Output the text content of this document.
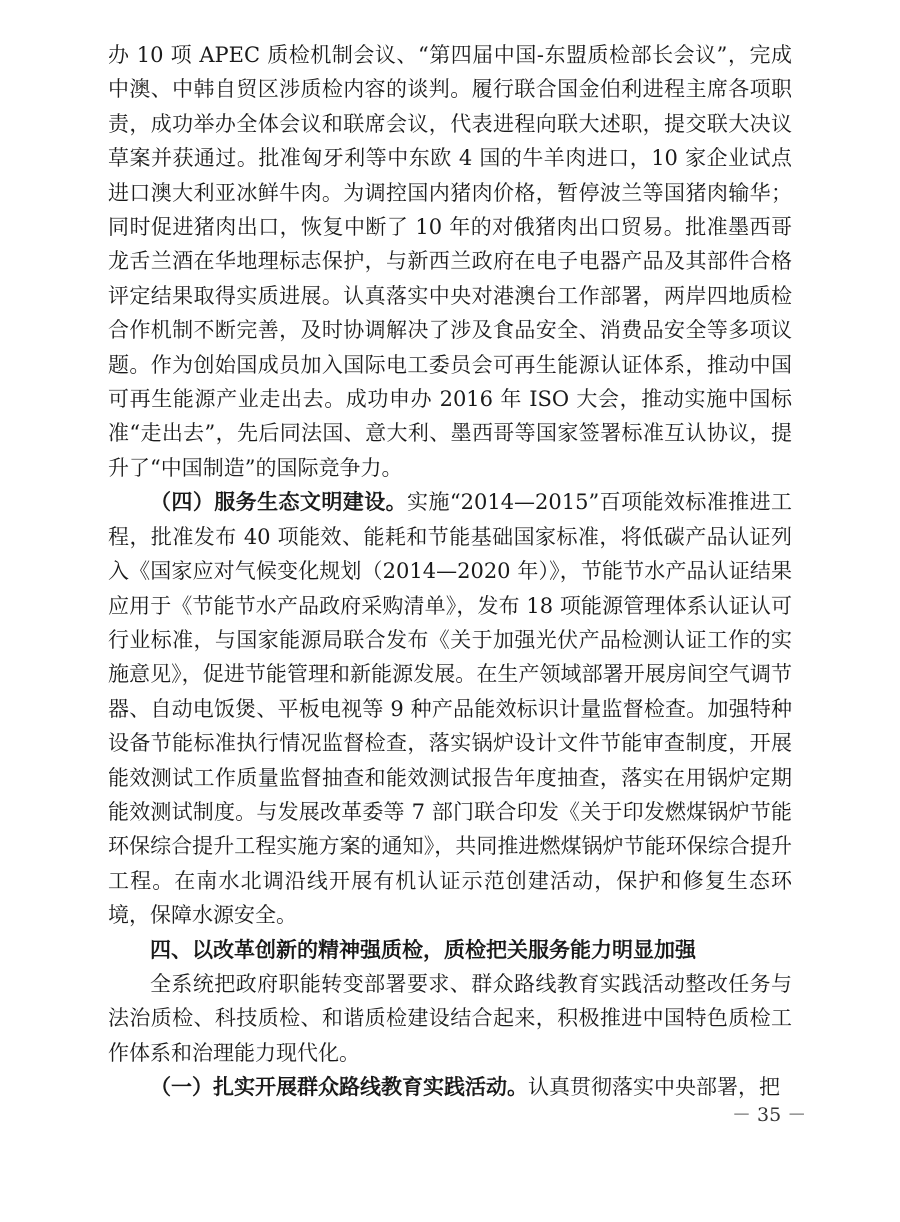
办 10 项 APEC 质检机制会议、“第四届中国-东盟质检部长会议”，完成中澳、中韩自贸区涉质检内容的谈判。履行联合国金伯利进程主席各项职责，成功举办全体会议和联席会议，代表进程向联大述职，提交联大决议草案并获通过。批准匈牙利等中东欧 4 国的牛羊肉进口，10 家企业试点进口澳大利亚冰鲜牛肉。为调控国内猪肉价格，暂停波兰等国猪肉输华；同时促进猪肉出口，恢复中断了 10 年的对俄猪肉出口贸易。批准墨西哥龙舌兰酒在华地理标志保护，与新西兰政府在电子电器产品及其部件合格评定结果取得实质进展。认真落实中央对港澳台工作部署，两岸四地质检合作机制不断完善，及时协调解决了涉及食品安全、消费品安全等多项议题。作为创始国成员加入国际电工委员会可再生能源认证体系，推动中国可再生能源产业走出去。成功申办 2016 年 ISO 大会，推动实施中国标准“走出去”，先后同法国、意大利、墨西哥等国家签署标准互认协议，提升了“中国制造”的国际竞争力。

（四）服务生态文明建设。实施“2014—2015”百项能效标准推进工程，批准发布 40 项能效、能耗和节能基础国家标准，将低碳产品认证列入《国家应对气候变化规划（2014—2020 年）》，节能节水产品认证结果应用于《节能节水产品政府采购清单》，发布 18 项能源管理体系认证认可行业标准，与国家能源局联合发布《关于加强光伏产品检测认证工作的实施意见》，促进节能管理和新能源发展。在生产领域部署开展房间空气调节器、自动电饭煲、平板电视等 9 种产品能效标识计量监督检查。加强特种设备节能标准执行情况监督检查，落实锅炉设计文件节能审查制度，开展能效测试工作质量监督抽查和能效测试报告年度抽查，落实在用锅炉定期能效测试制度。与发展改革委等 7 部门联合印发《关于印发燃煤锅炉节能环保综合提升工程实施方案的通知》，共同推进燃煤锅炉节能环保综合提升工程。在南水北调沿线开展有机认证示范创建活动，保护和修复生态环境，保障水源安全。

四、以改革创新的精神强质检，质检把关服务能力明显加强

全系统把政府职能转变部署要求、群众路线教育实践活动整改任务与法治质检、科技质检、和谐质检建设结合起来，积极推进中国特色质检工作体系和治理能力现代化。

（一）扎实开展群众路线教育实践活动。认真贯彻落实中央部署，把

－ 35 －
